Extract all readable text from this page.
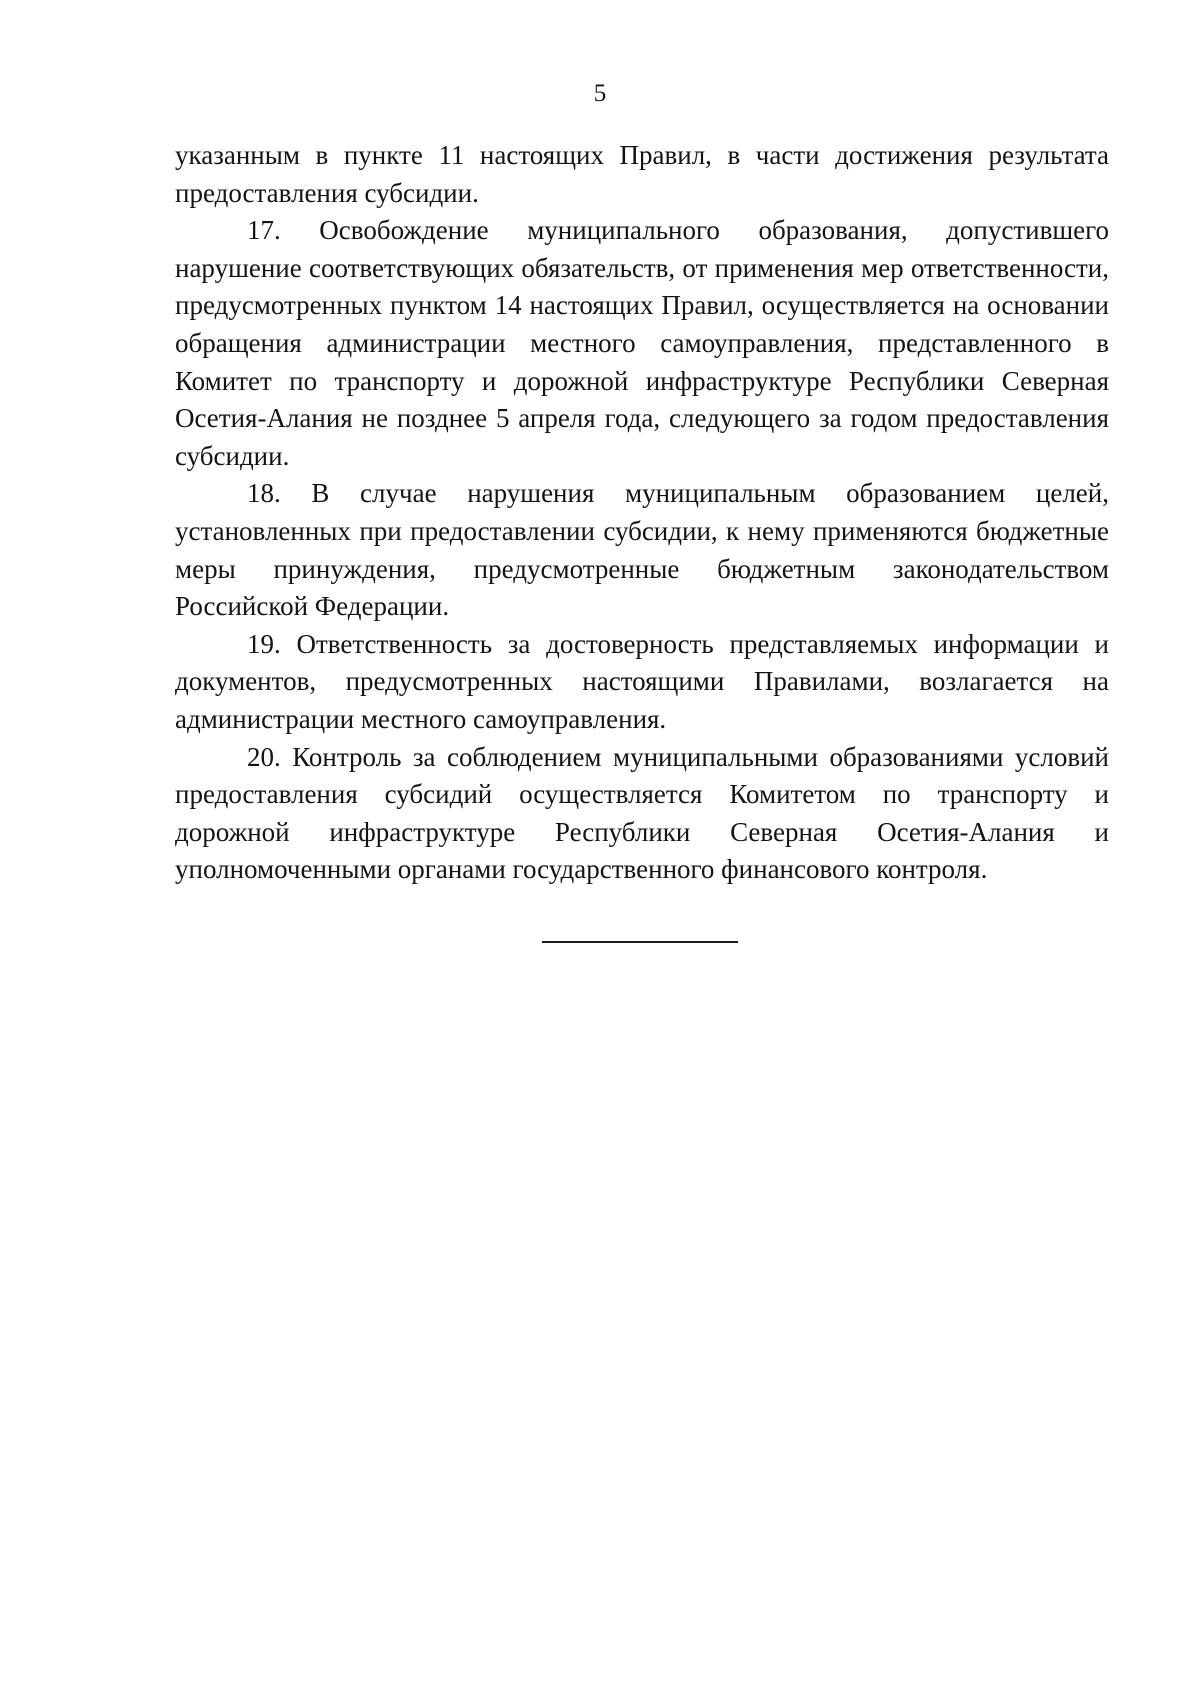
5

указанным в пункте 11 настоящих Правил, в части достижения результата предоставления субсидии.

17. Освобождение муниципального образования, допустившего нарушение соответствующих обязательств, от применения мер ответственности, предусмотренных пунктом 14 настоящих Правил, осуществляется на основании обращения администрации местного самоуправления, представленного в Комитет по транспорту и дорожной инфраструктуре Республики Северная Осетия-Алания не позднее 5 апреля года, следующего за годом предоставления субсидии.

18. В случае нарушения муниципальным образованием целей, установленных при предоставлении субсидии, к нему применяются бюджетные меры принуждения, предусмотренные бюджетным законодательством Российской Федерации.

19. Ответственность за достоверность представляемых информации и документов, предусмотренных настоящими Правилами, возлагается на администрации местного самоуправления.

20. Контроль за соблюдением муниципальными образованиями условий предоставления субсидий осуществляется Комитетом по транспорту и дорожной инфраструктуре Республики Северная Осетия-Алания и уполномоченными органами государственного финансового контроля.
